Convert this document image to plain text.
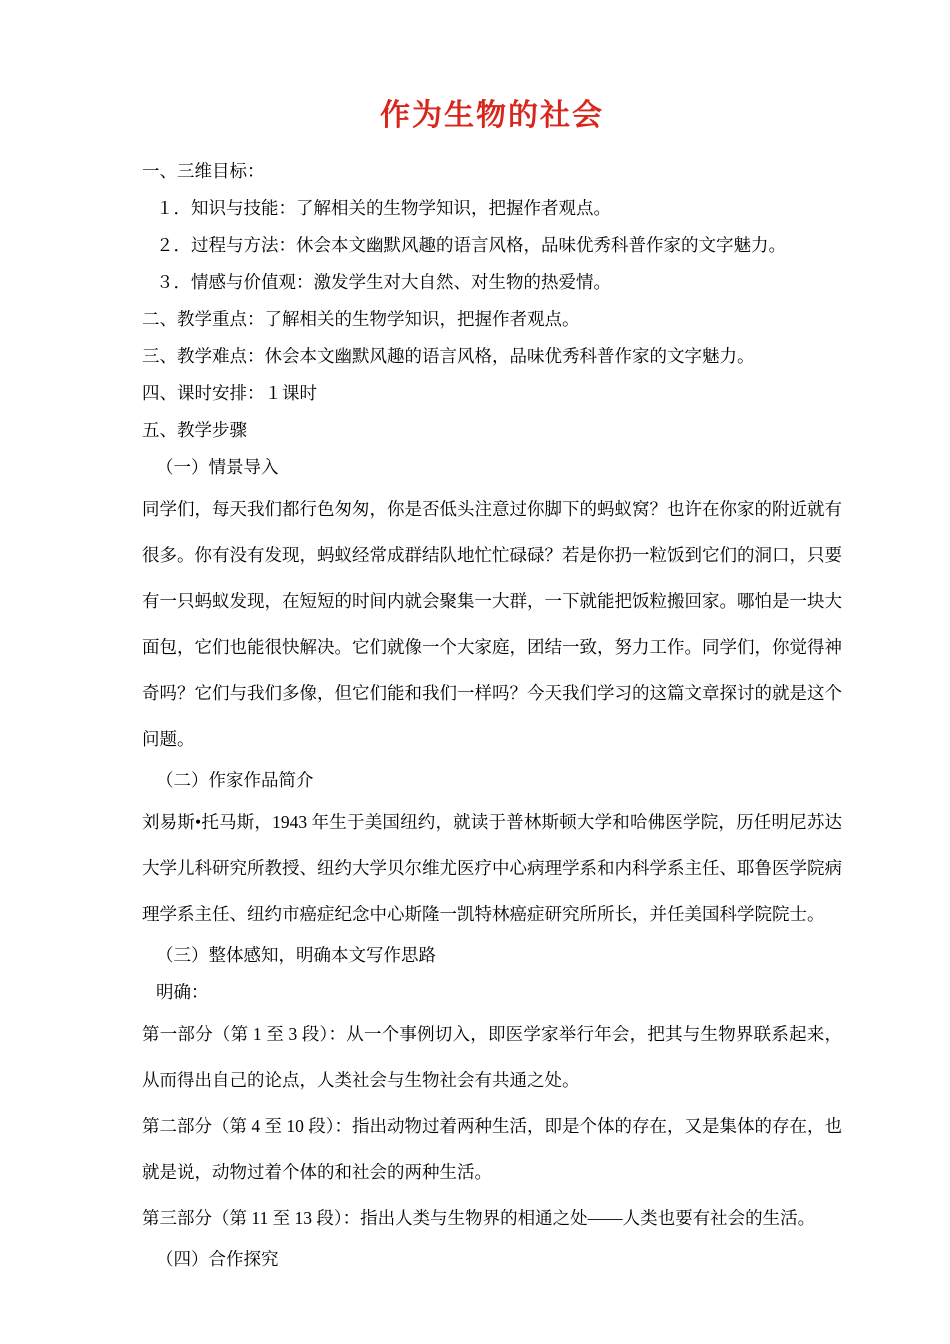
作为生物的社会

一、三维目标：

１．知识与技能：了解相关的生物学知识，把握作者观点。

２．过程与方法：休会本文幽默风趣的语言风格，品味优秀科普作家的文字魅力。

３．情感与价值观：激发学生对大自然、对生物的热爱情。

二、教学重点：了解相关的生物学知识，把握作者观点。

三、教学难点：休会本文幽默风趣的语言风格，品味优秀科普作家的文字魅力。

四、课时安排：１课时

五、教学步骤

（一）情景导入

同学们，每天我们都行色匆匆，你是否低头注意过你脚下的蚂蚁窝？也许在你家的附近就有很多。你有没有发现，蚂蚁经常成群结队地忙忙碌碌？若是你扔一粒饭到它们的洞口，只要有一只蚂蚁发现，在短短的时间内就会聚集一大群，一下就能把饭粒搬回家。哪怕是一块大面包，它们也能很快解决。它们就像一个大家庭，团结一致，努力工作。同学们，你觉得神奇吗？它们与我们多像，但它们能和我们一样吗？今天我们学习的这篇文章探讨的就是这个问题。

（二）作家作品简介

刘易斯•托马斯，1943 年生于美国纽约，就读于普林斯顿大学和哈佛医学院，历任明尼苏达大学儿科研究所教授、纽约大学贝尔维尤医疗中心病理学系和内科学系主任、耶鲁医学院病理学系主任、纽约市癌症纪念中心斯隆一凯特林癌症研究所所长，并任美国科学院院士。

（三）整体感知，明确本文写作思路

明确：

第一部分（第 1 至 3 段）：从一个事例切入，即医学家举行年会，把其与生物界联系起来，从而得出自己的论点，人类社会与生物社会有共通之处。

第二部分（第 4 至 10 段）：指出动物过着两种生活，即是个体的存在，又是集体的存在，也就是说，动物过着个体的和社会的两种生活。

第三部分（第 11 至 13 段）：指出人类与生物界的相通之处——人类也要有社会的生活。

（四）合作探究
